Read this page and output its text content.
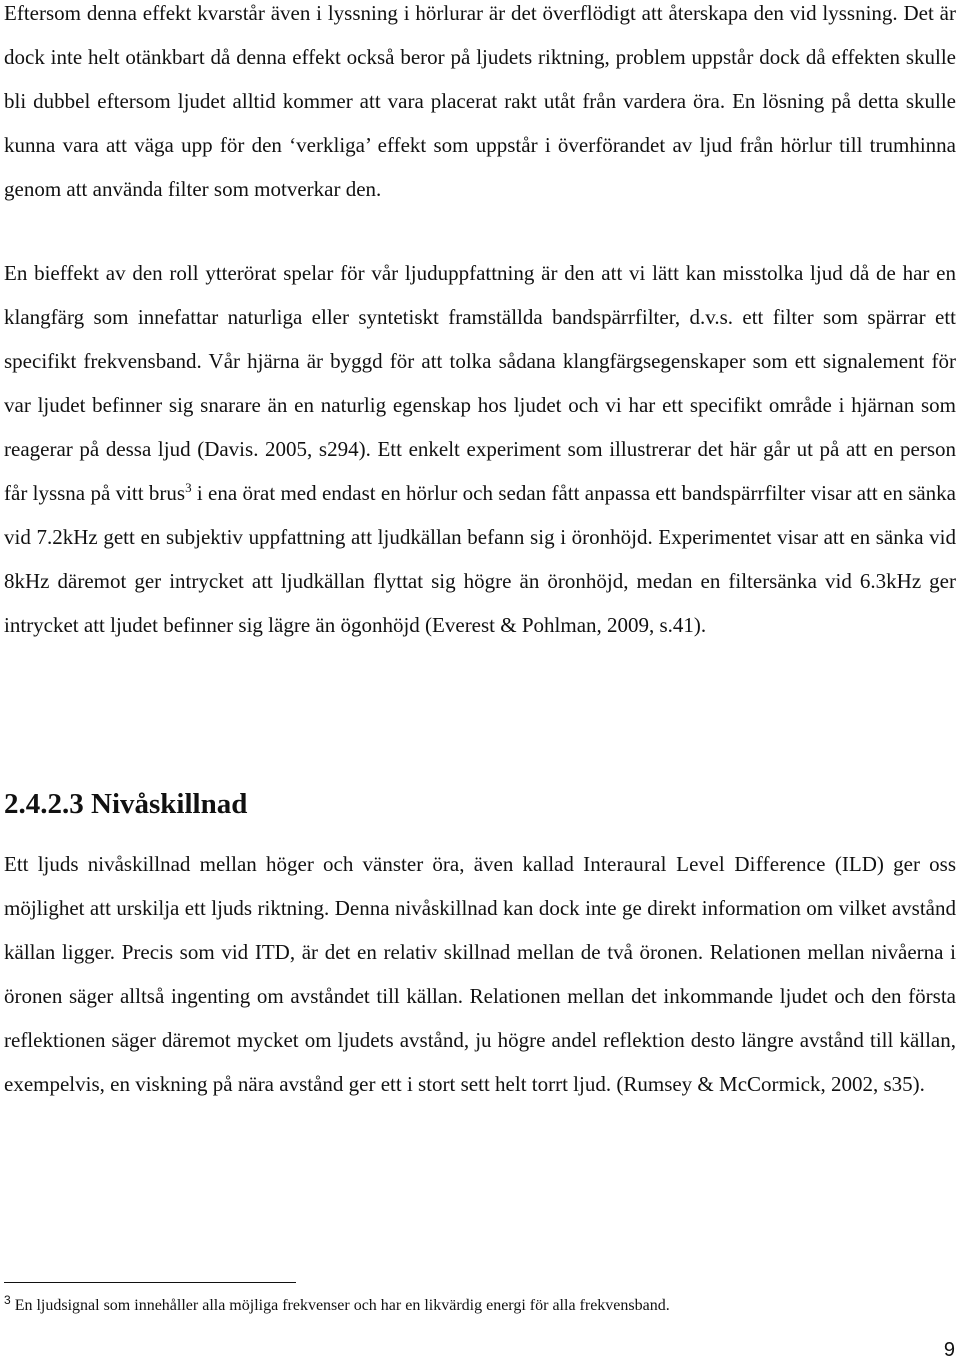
Eftersom denna effekt kvarstår även i lyssning i hörlurar är det överflödigt att återskapa den vid lyssning. Det är dock inte helt otänkbart då denna effekt också beror på ljudets riktning, problem uppstår dock då effekten skulle bli dubbel eftersom ljudet alltid kommer att vara placerat rakt utåt från vardera öra. En lösning på detta skulle kunna vara att väga upp för den ‘verkliga’ effekt som uppstår i överförandet av ljud från hörlur till trumhinna genom att använda filter som motverkar den.

En bieffekt av den roll ytterörat spelar för vår ljuduppfattning är den att vi lätt kan misstolka ljud då de har en klangfärg som innefattar naturliga eller syntetiskt framställda bandspärrfilter, d.v.s. ett filter som spärrar ett specifikt frekvensband. Vår hjärna är byggd för att tolka sådana klangfärgsegenskaper som ett signalement för var ljudet befinner sig snarare än en naturlig egenskap hos ljudet och vi har ett specifikt område i hjärnan som reagerar på dessa ljud (Davis. 2005, s294). Ett enkelt experiment som illustrerar det här går ut på att en person får lyssna på vitt brus$^3$ i ena örat med endast en hörlur och sedan fått anpassa ett bandspärrfilter visar att en sänka vid 7.2kHz gett en subjektiv uppfattning att ljudkällan befann sig i öronhöjd. Experimentet visar att en sänka vid 8kHz däremot ger intrycket att ljudkällan flyttat sig högre än öronhöjd, medan en filtersänka vid 6.3kHz ger intrycket att ljudet befinner sig lägre än ögonhöjd (Everest & Pohlman, 2009, s.41).

2.4.2.3 Nivåskillnad

Ett ljuds nivåskillnad mellan höger och vänster öra, även kallad Interaural Level Difference (ILD) ger oss möjlighet att urskilja ett ljuds riktning. Denna nivåskillnad kan dock inte ge direkt information om vilket avstånd källan ligger. Precis som vid ITD, är det en relativ skillnad mellan de två öronen. Relationen mellan nivåerna i öronen säger alltså ingenting om avståndet till källan. Relationen mellan det inkommande ljudet och den första reflektionen säger däremot mycket om ljudets avstånd, ju högre andel reflektion desto längre avstånd till källan, exempelvis, en viskning på nära avstånd ger ett i stort sett helt torrt ljud. (Rumsey & McCormick, 2002, s35).

$^3$ En ljudsignal som innehåller alla möjliga frekvenser och har en likvärdig energi för alla frekvensband.

9
